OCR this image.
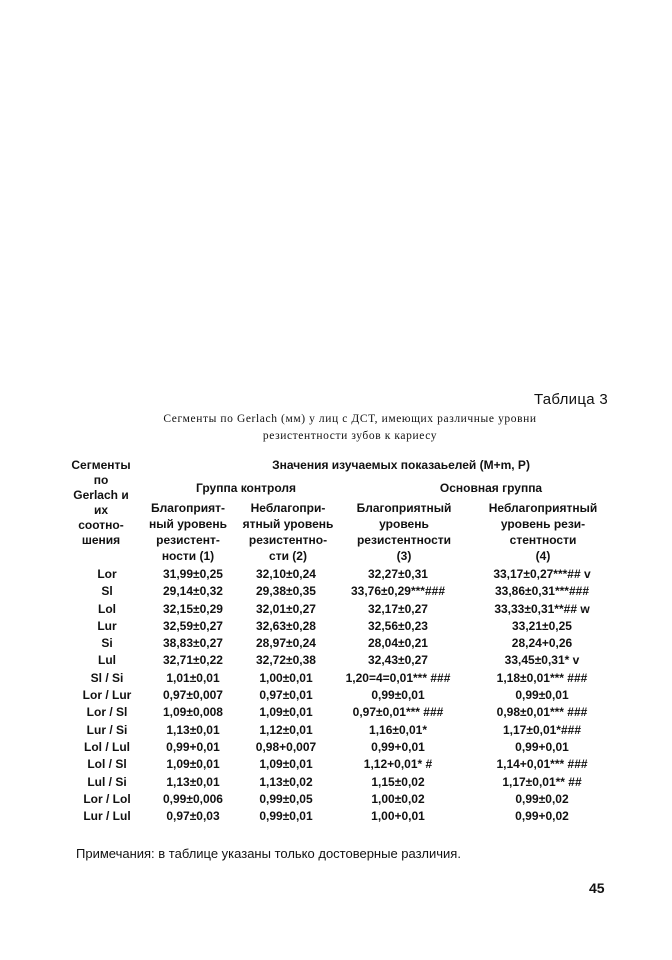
Таблица 3
Сегменты по Gerlach (мм) у лиц с ДСТ, имеющих различные уровни
резистентности зубов к кариесу
Сегменты
по
Gerlach и
их
соотно-
шения
Значения изучаемых показаьелей (M+m, P)
Группа контроля	Основная группа
Благоприят-
ный уровень
резистент-
ности (1)
Неблагопри-
ятный уровень
резистентно-
сти (2)
Благоприятный
уровень
резистентности
(3)
Неблагоприятный
уровень рези-
стентности
(4)
Lor	31,99±0,25	32,10±0,24	32,27±0,31	33,17±0,27***## v
Sl	29,14±0,32	29,38±0,35	33,76±0,29***###	33,86±0,31***###
Lol	32,15±0,29	32,01±0,27	32,17±0,27	33,33±0,31**## w
Lur	32,59±0,27	32,63±0,28	32,56±0,23	33,21±0,25
Si	38,83±0,27	28,97±0,24	28,04±0,21	28,24+0,26
Lul	32,71±0,22	32,72±0,38	32,43±0,27	33,45±0,31* v
Sl / Si	1,01±0,01	1,00±0,01	1,20=4=0,01*** ###	1,18±0,01*** ###
Lor / Lur	0,97±0,007	0,97±0,01	0,99±0,01	0,99±0,01
Lor / Sl	1,09±0,008	1,09±0,01	0,97±0,01*** ###	0,98±0,01*** ###
Lur / Si	1,13±0,01	1,12±0,01	1,16±0,01*	1,17±0,01*###
Lol / Lul	0,99+0,01	0,98+0,007	0,99+0,01	0,99+0,01
Lol / Sl	1,09±0,01	1,09±0,01	1,12+0,01* #	1,14+0,01*** ###
Lul / Si	1,13±0,01	1,13±0,02	1,15±0,02	1,17±0,01** ##
Lor / Lol	0,99±0,006	0,99±0,05	1,00±0,02	0,99±0,02
Lur / Lul	0,97±0,03	0,99±0,01	1,00+0,01	0,99+0,02
Примечания: в таблице указаны только достоверные различия.
45
